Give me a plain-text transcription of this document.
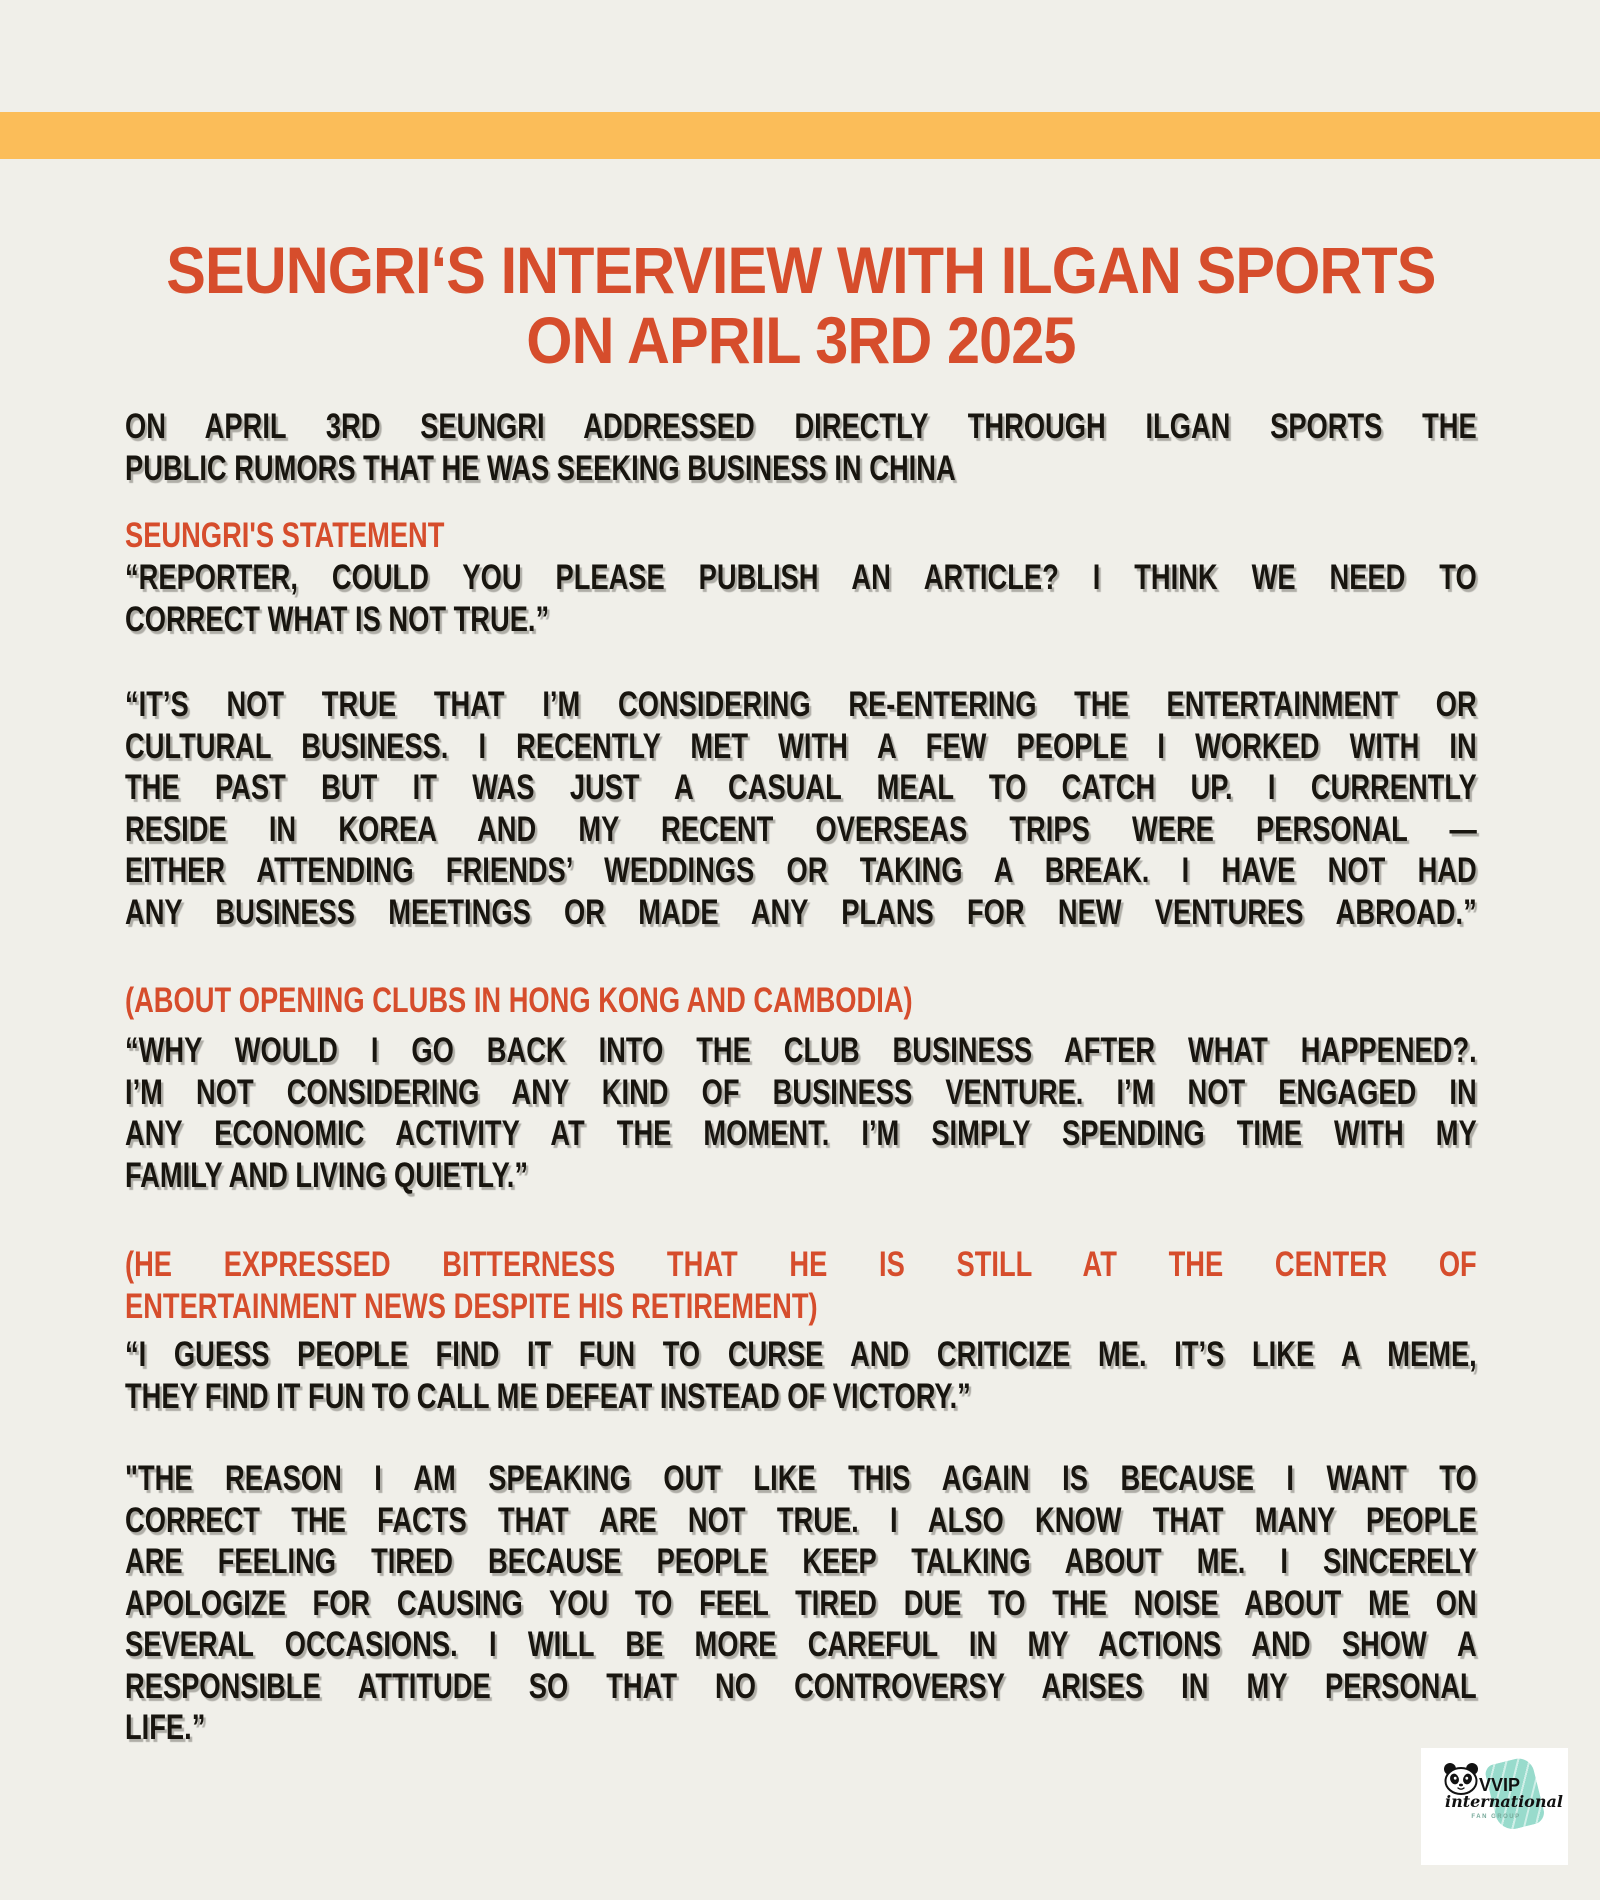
SEUNGRI‘S INTERVIEW WITH ILGAN SPORTS
ON APRIL 3RD 2025
ON APRIL 3RD SEUNGRI ADDRESSED DIRECTLY THROUGH ILGAN SPORTS THE
PUBLIC RUMORS THAT HE WAS SEEKING BUSINESS IN CHINA
SEUNGRI'S STATEMENT
“REPORTER, COULD YOU PLEASE PUBLISH AN ARTICLE? I THINK WE NEED TO
CORRECT WHAT IS NOT TRUE.”
“IT’S NOT TRUE THAT I’M CONSIDERING RE-ENTERING THE ENTERTAINMENT OR
CULTURAL BUSINESS. I RECENTLY MET WITH A FEW PEOPLE I WORKED WITH IN
THE PAST BUT IT WAS JUST A CASUAL MEAL TO CATCH UP. I CURRENTLY
RESIDE IN KOREA AND MY RECENT OVERSEAS TRIPS WERE PERSONAL —
EITHER ATTENDING FRIENDS’ WEDDINGS OR TAKING A BREAK. I HAVE NOT HAD
ANY BUSINESS MEETINGS OR MADE ANY PLANS FOR NEW VENTURES ABROAD.”
(ABOUT OPENING CLUBS IN HONG KONG AND CAMBODIA)
“WHY WOULD I GO BACK INTO THE CLUB BUSINESS AFTER WHAT HAPPENED?.
I’M NOT CONSIDERING ANY KIND OF BUSINESS VENTURE. I’M NOT ENGAGED IN
ANY ECONOMIC ACTIVITY AT THE MOMENT. I’M SIMPLY SPENDING TIME WITH MY
FAMILY AND LIVING QUIETLY.”
(HE EXPRESSED BITTERNESS THAT HE IS STILL AT THE CENTER OF
ENTERTAINMENT NEWS DESPITE HIS RETIREMENT)
“I GUESS PEOPLE FIND IT FUN TO CURSE AND CRITICIZE ME. IT’S LIKE A MEME,
THEY FIND IT FUN TO CALL ME DEFEAT INSTEAD OF VICTORY.”
"THE REASON I AM SPEAKING OUT LIKE THIS AGAIN IS BECAUSE I WANT TO
CORRECT THE FACTS THAT ARE NOT TRUE. I ALSO KNOW THAT MANY PEOPLE
ARE FEELING TIRED BECAUSE PEOPLE KEEP TALKING ABOUT ME. I SINCERELY
APOLOGIZE FOR CAUSING YOU TO FEEL TIRED DUE TO THE NOISE ABOUT ME ON
SEVERAL OCCASIONS. I WILL BE MORE CAREFUL IN MY ACTIONS AND SHOW A
RESPONSIBLE ATTITUDE SO THAT NO CONTROVERSY ARISES IN MY PERSONAL
LIFE.”
VVIP
international
FAN GROUP
